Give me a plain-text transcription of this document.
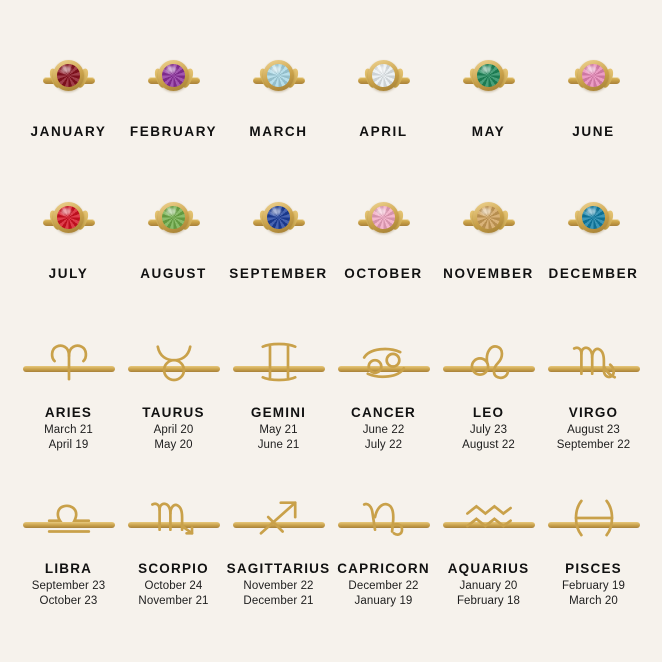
JANUARY FEBRUARY MARCH	APRIL	MAY	JUNE
JULY	AUGUST SEPTEMBER OCTOBER NOVEMBER DECEMBER
ARIES
March 21
April 19
TAURUS
April 20
May 20
GEMINI
May 21
June 21
CANCER
June 22
July 22
LEO
July 23
August 22
VIRGO
August 23
September 22
LIBRA
September 23
October 23
SCORPIO
October 24
November 21
SAGITTARIUS
November 22
December 21
CAPRICORN
December 22
January 19
AQUARIUS
January 20
February 18
PISCES
February 19
March 20
